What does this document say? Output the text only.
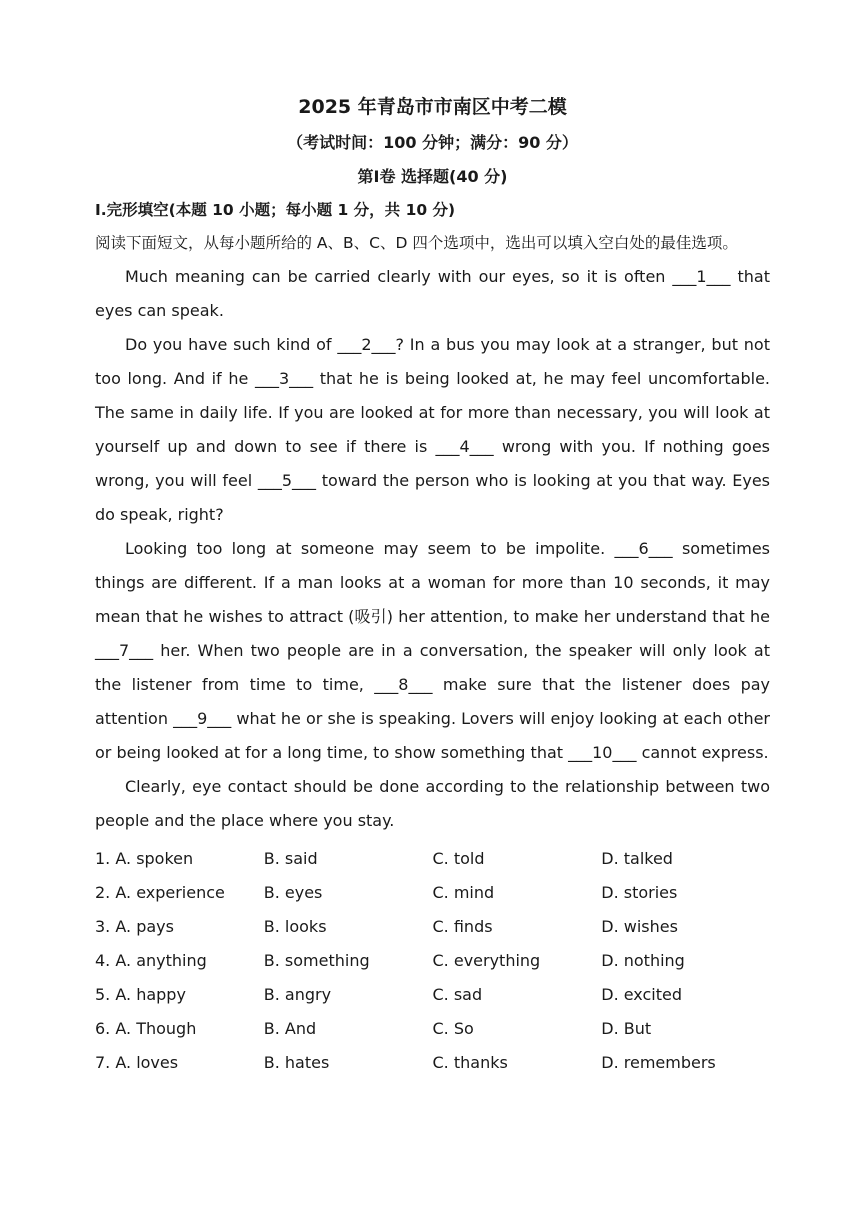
2025 年青岛市市南区中考二模
（考试时间：100 分钟；满分：90 分）
第Ⅰ卷 选择题(40 分)
Ⅰ.完形填空(本题 10 小题；每小题 1 分，共 10 分)
阅读下面短文，从每小题所给的 A、B、C、D 四个选项中，选出可以填入空白处的最佳选项。
Much meaning can be carried clearly with our eyes, so it is often ___1___ that eyes can speak.
Do you have such kind of ___2___? In a bus you may look at a stranger, but not too long. And if he ___3___ that he is being looked at, he may feel uncomfortable. The same in daily life. If you are looked at for more than necessary, you will look at yourself up and down to see if there is ___4___ wrong with you. If nothing goes wrong, you will feel ___5___ toward the person who is looking at you that way. Eyes do speak, right?
Looking too long at someone may seem to be impolite. ___6___ sometimes things are different. If a man looks at a woman for more than 10 seconds, it may mean that he wishes to attract (吸引) her attention, to make her understand that he ___7___ her. When two people are in a conversation, the speaker will only look at the listener from time to time, ___8___ make sure that the listener does pay attention ___9___ what he or she is speaking. Lovers will enjoy looking at each other or being looked at for a long time, to show something that ___10___ cannot express.
Clearly, eye contact should be done according to the relationship between two people and the place where you stay.
1. A. spoken	B. said	C. told	D. talked
2. A. experience	B. eyes	C. mind	D. stories
3. A. pays	B. looks	C. finds	D. wishes
4. A. anything	B. something	C. everything	D. nothing
5. A. happy	B. angry	C. sad	D. excited
6. A. Though	B. And	C. So	D. But
7. A. loves	B. hates	C. thanks	D. remembers
